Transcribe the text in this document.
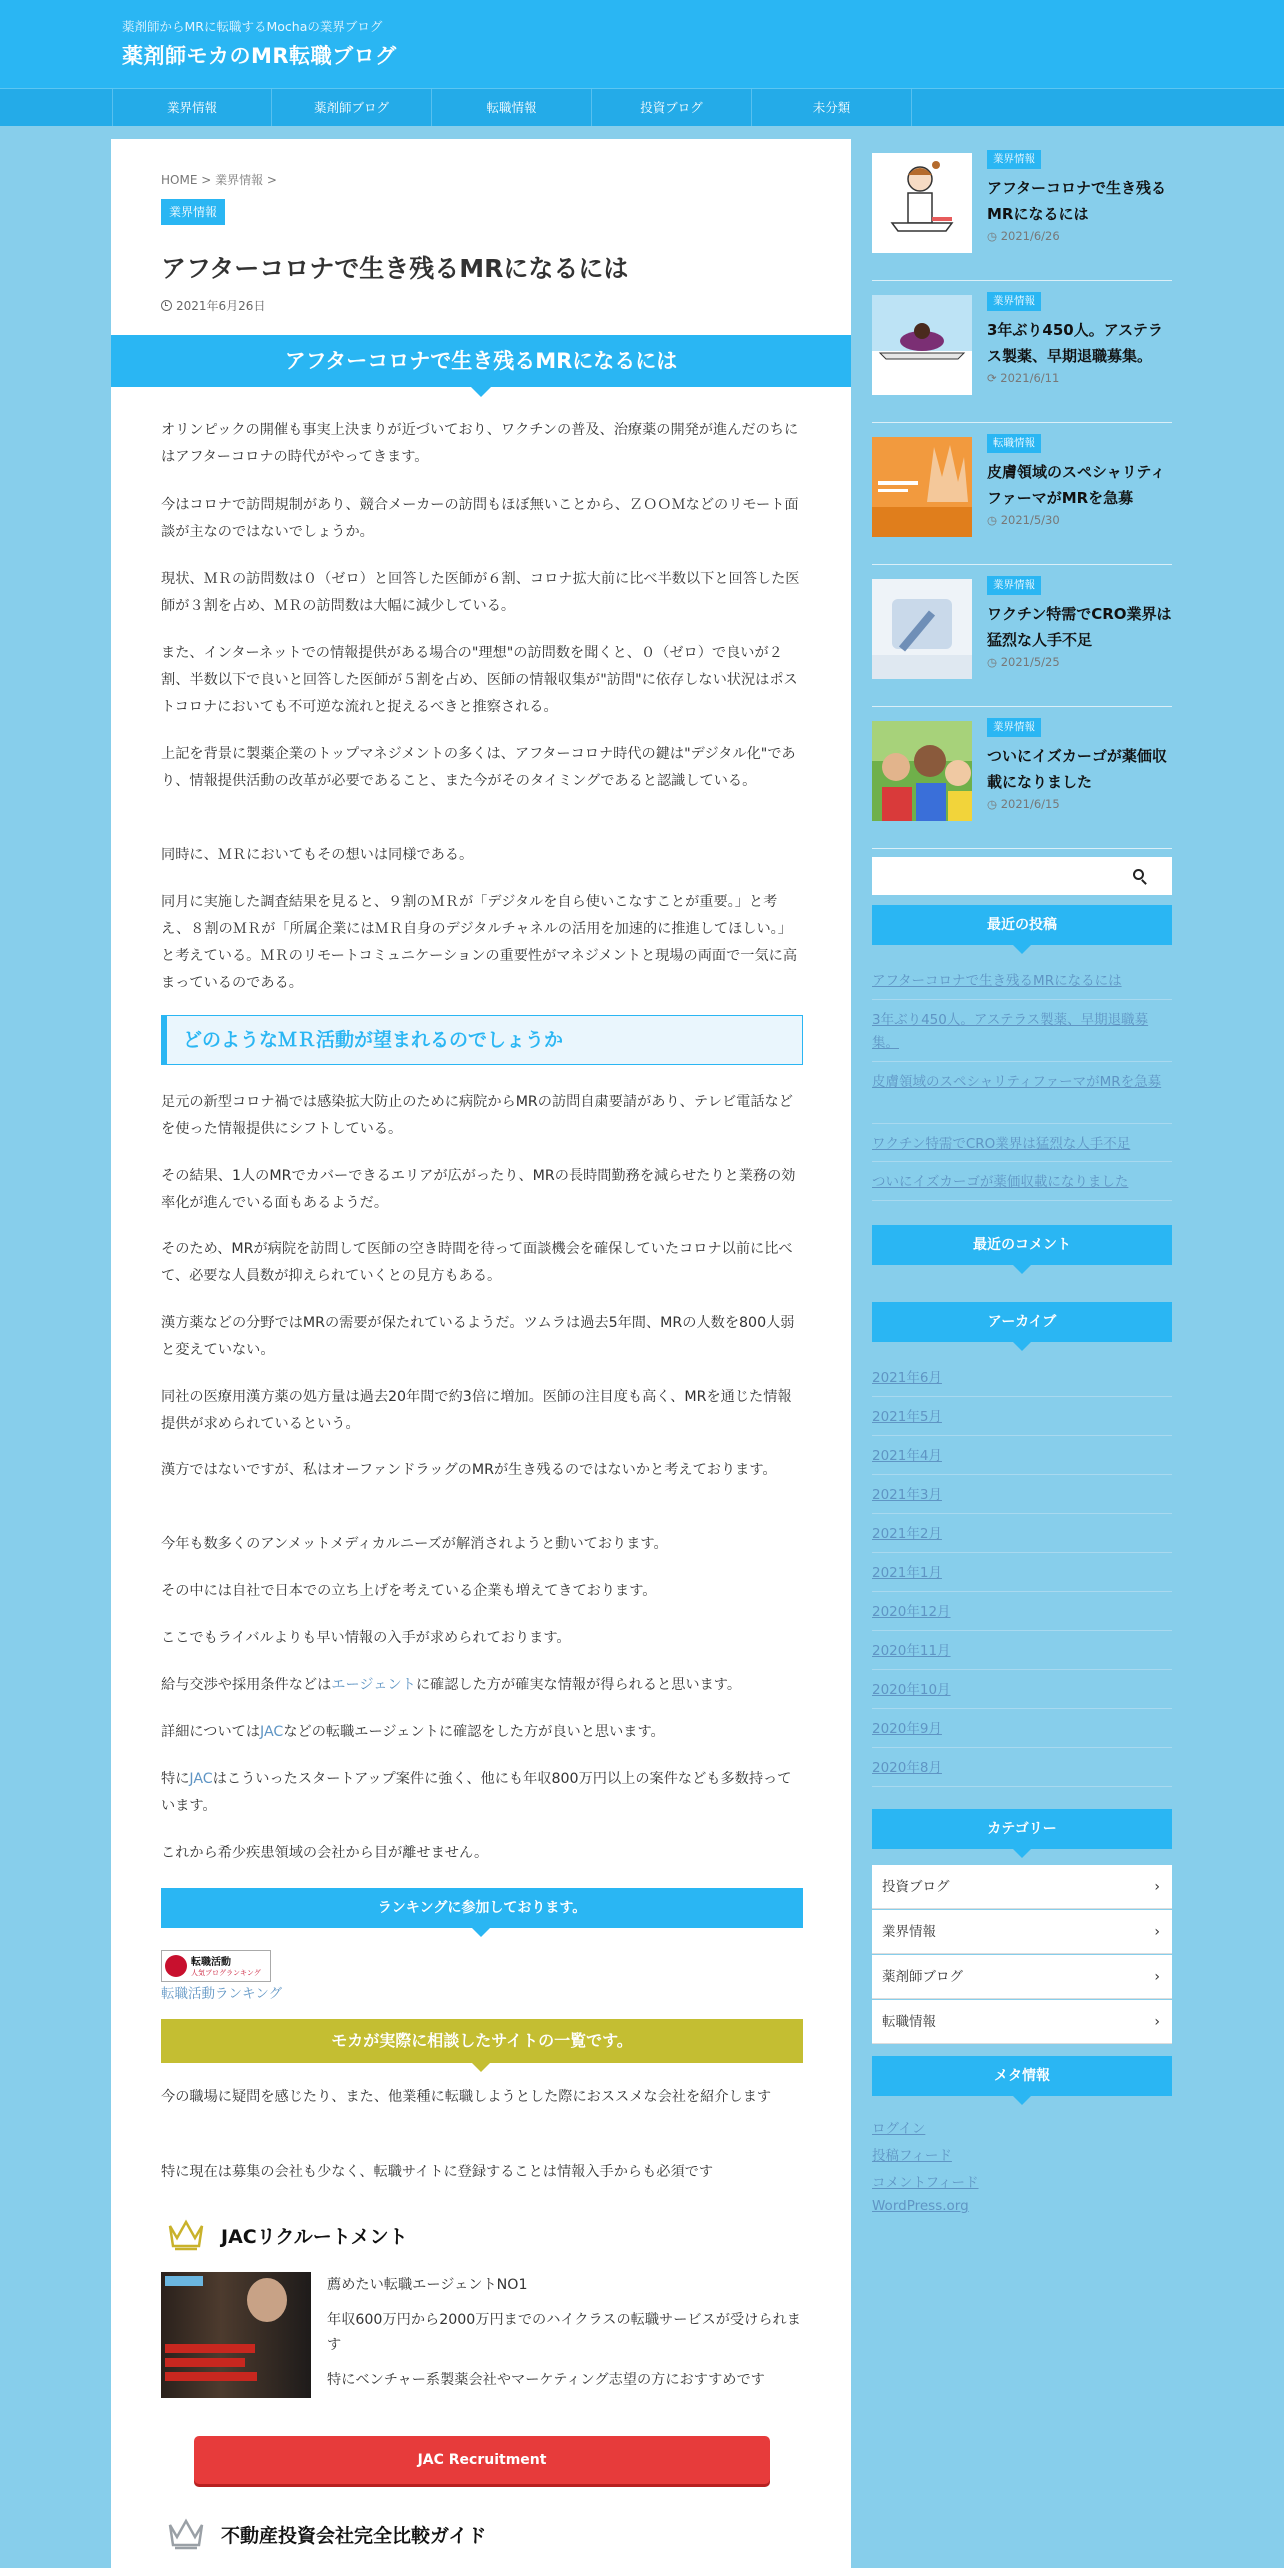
薬剤師からMRに転職するMochaの業界ブログ
薬剤師モカのMR転職ブログ
業界情報	薬剤師ブログ	転職情報	投資ブログ	未分類
HOME > 業界情報 >
業界情報
アフターコロナで生き残るMRになるには
2021年6月26日
アフターコロナで生き残るMRになるには

オリンピックの開催も事実上決まりが近づいており、ワクチンの普及、治療薬の開発が進んだのちにはアフターコロナの時代がやってきます。

今はコロナで訪問規制があり、競合メーカーの訪問もほぼ無いことから、ＺＯＯＭなどのリモート面談が主なのではないでしょうか。

現状、ＭＲの訪問数は０（ゼロ）と回答した医師が６割、コロナ拡大前に比べ半数以下と回答した医師が３割を占め、ＭＲの訪問数は大幅に減少している。

また、インターネットでの情報提供がある場合の"理想"の訪問数を聞くと、０（ゼロ）で良いが２割、半数以下で良いと回答した医師が５割を占め、医師の情報収集が"訪問"に依存しない状況はポストコロナにおいても不可逆な流れと捉えるべきと推察される。

上記を背景に製薬企業のトップマネジメントの多くは、アフターコロナ時代の鍵は"デジタル化"であり、情報提供活動の改革が必要であること、また今がそのタイミングであると認識している。

同時に、ＭＲにおいてもその想いは同様である。

同月に実施した調査結果を見ると、９割のＭＲが「デジタルを自ら使いこなすことが重要。」と考え、８割のＭＲが「所属企業にはＭＲ自身のデジタルチャネルの活用を加速的に推進してほしい。」と考えている。ＭＲのリモートコミュニケーションの重要性がマネジメントと現場の両面で一気に高まっているのである。

どのようなＭＲ活動が望まれるのでしょうか

足元の新型コロナ禍では感染拡大防止のために病院からMRの訪問自粛要請があり、テレビ電話などを使った情報提供にシフトしている。

その結果、1人のMRでカバーできるエリアが広がったり、MRの長時間勤務を減らせたりと業務の効率化が進んでいる面もあるようだ。

そのため、MRが病院を訪問して医師の空き時間を待って面談機会を確保していたコロナ以前に比べて、必要な人員数が抑えられていくとの見方もある。

漢方薬などの分野ではMRの需要が保たれているようだ。ツムラは過去5年間、MRの人数を800人弱と変えていない。

同社の医療用漢方薬の処方量は過去20年間で約3倍に増加。医師の注目度も高く、MRを通じた情報提供が求められているという。

漢方ではないですが、私はオーファンドラッグのMRが生き残るのではないかと考えております。

今年も数多くのアンメットメディカルニーズが解消されようと動いております。

その中には自社で日本での立ち上げを考えている企業も増えてきております。

ここでもライバルよりも早い情報の入手が求められております。

給与交渉や採用条件などはエージェントに確認した方が確実な情報が得られると思います。

詳細についてはJACなどの転職エージェントに確認をした方が良いと思います。

特にJACはこういったスタートアップ案件に強く、他にも年収800万円以上の案件なども多数持っています。

これから希少疾患領域の会社から目が離せません。

ランキングに参加しております。
転職活動
人気ブログランキング
転職活動ランキング
モカが実際に相談したサイトの一覧です。

今の職場に疑問を感じたり、また、他業種に転職しようとした際におススメな会社を紹介します

特に現在は募集の会社も少なく、転職サイトに登録することは情報入手からも必須です

JACリクルートメント
薦めたい転職エージェントNO1
年収600万円から2000万円までのハイクラスの転職サービスが受けられます
特にベンチャー系製薬会社やマーケティング志望の方におすすめです
JAC Recruitment
不動産投資会社完全比較ガイド
業界情報
アフターコロナで生き残るMRになるには
◷ 2021/6/26
業界情報
3年ぶり450人。アステラス製薬、早期退職募集。
⟳ 2021/6/11
転職情報
皮膚領域のスペシャリティファーマがMRを急募
◷ 2021/5/30
業界情報
ワクチン特需でCRO業界は猛烈な人手不足
◷ 2021/5/25
業界情報
ついにイズカーゴが薬価収載になりました
◷ 2021/6/15
最近の投稿
アフターコロナで生き残るMRになるには
3年ぶり450人。アステラス製薬、早期退職募集。
皮膚領域のスペシャリティファーマがMRを急募
ワクチン特需でCRO業界は猛烈な人手不足
ついにイズカーゴが薬価収載になりました
最近のコメント
アーカイブ
2021年6月
2021年5月
2021年4月
2021年3月
2021年2月
2021年1月
2020年12月
2020年11月
2020年10月
2020年9月
2020年8月
カテゴリー
投資ブログ	›
業界情報	›
薬剤師ブログ	›
転職情報	›
メタ情報
ログイン
投稿フィード
コメントフィード
WordPress.org
